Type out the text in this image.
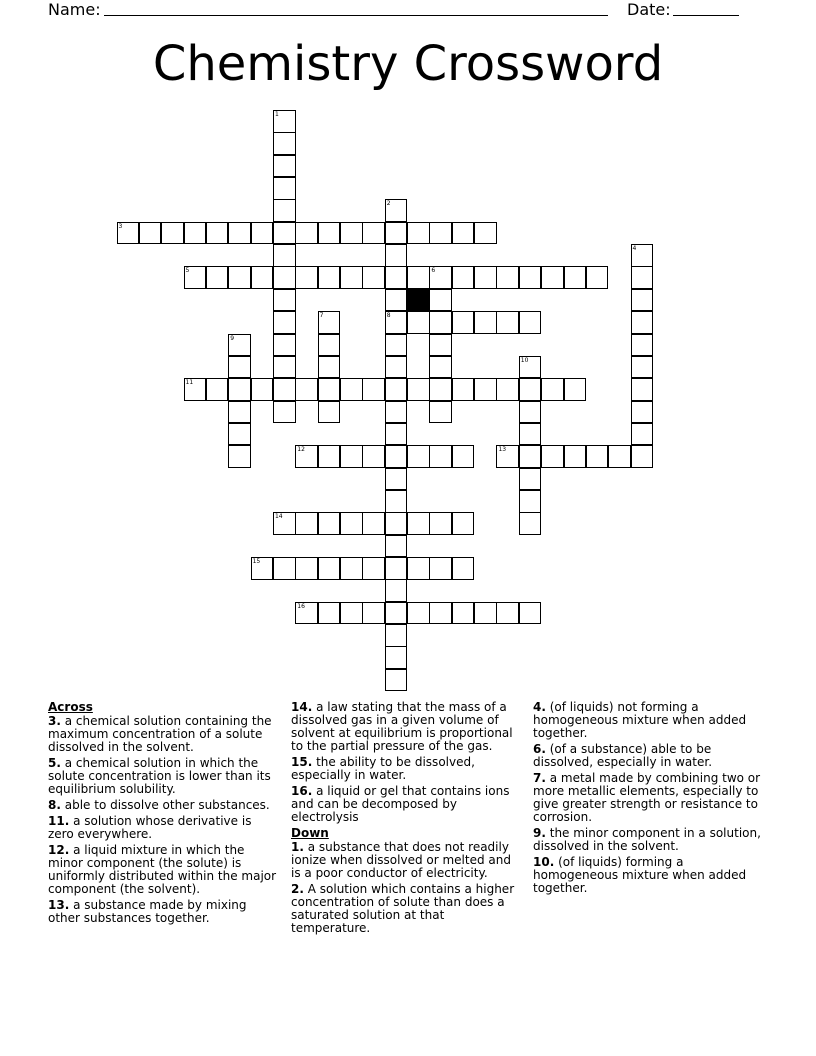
Name:	Date:
Chemistry Crossword
1
2
8
3
4
5	6
7
9
10
11
12	13
14
15
16
Across
3. a chemical solution containing the maximum concentration of a solute dissolved in the solvent.
5. a chemical solution in which the solute concentration is lower than its equilibrium solubility.
8. able to dissolve other substances.
11. a solution whose derivative is zero everywhere.
12. a liquid mixture in which the minor component (the solute) is uniformly distributed within the major component (the solvent).
13. a substance made by mixing other substances together.
14. a law stating that the mass of a dissolved gas in a given volume of solvent at equilibrium is proportional to the partial pressure of the gas.
15. the ability to be dissolved, especially in water.
16. a liquid or gel that contains ions and can be decomposed by electrolysis
Down
1. a substance that does not readily ionize when dissolved or melted and is a poor conductor of electricity.
2. A solution which contains a higher concentration of solute than does a saturated solution at that temperature.
4. (of liquids) not forming a homogeneous mixture when added together.
6. (of a substance) able to be dissolved, especially in water.
7. a metal made by combining two or more metallic elements, especially to give greater strength or resistance to corrosion.
9. the minor component in a solution, dissolved in the solvent.
10. (of liquids) forming a homogeneous mixture when added together.
